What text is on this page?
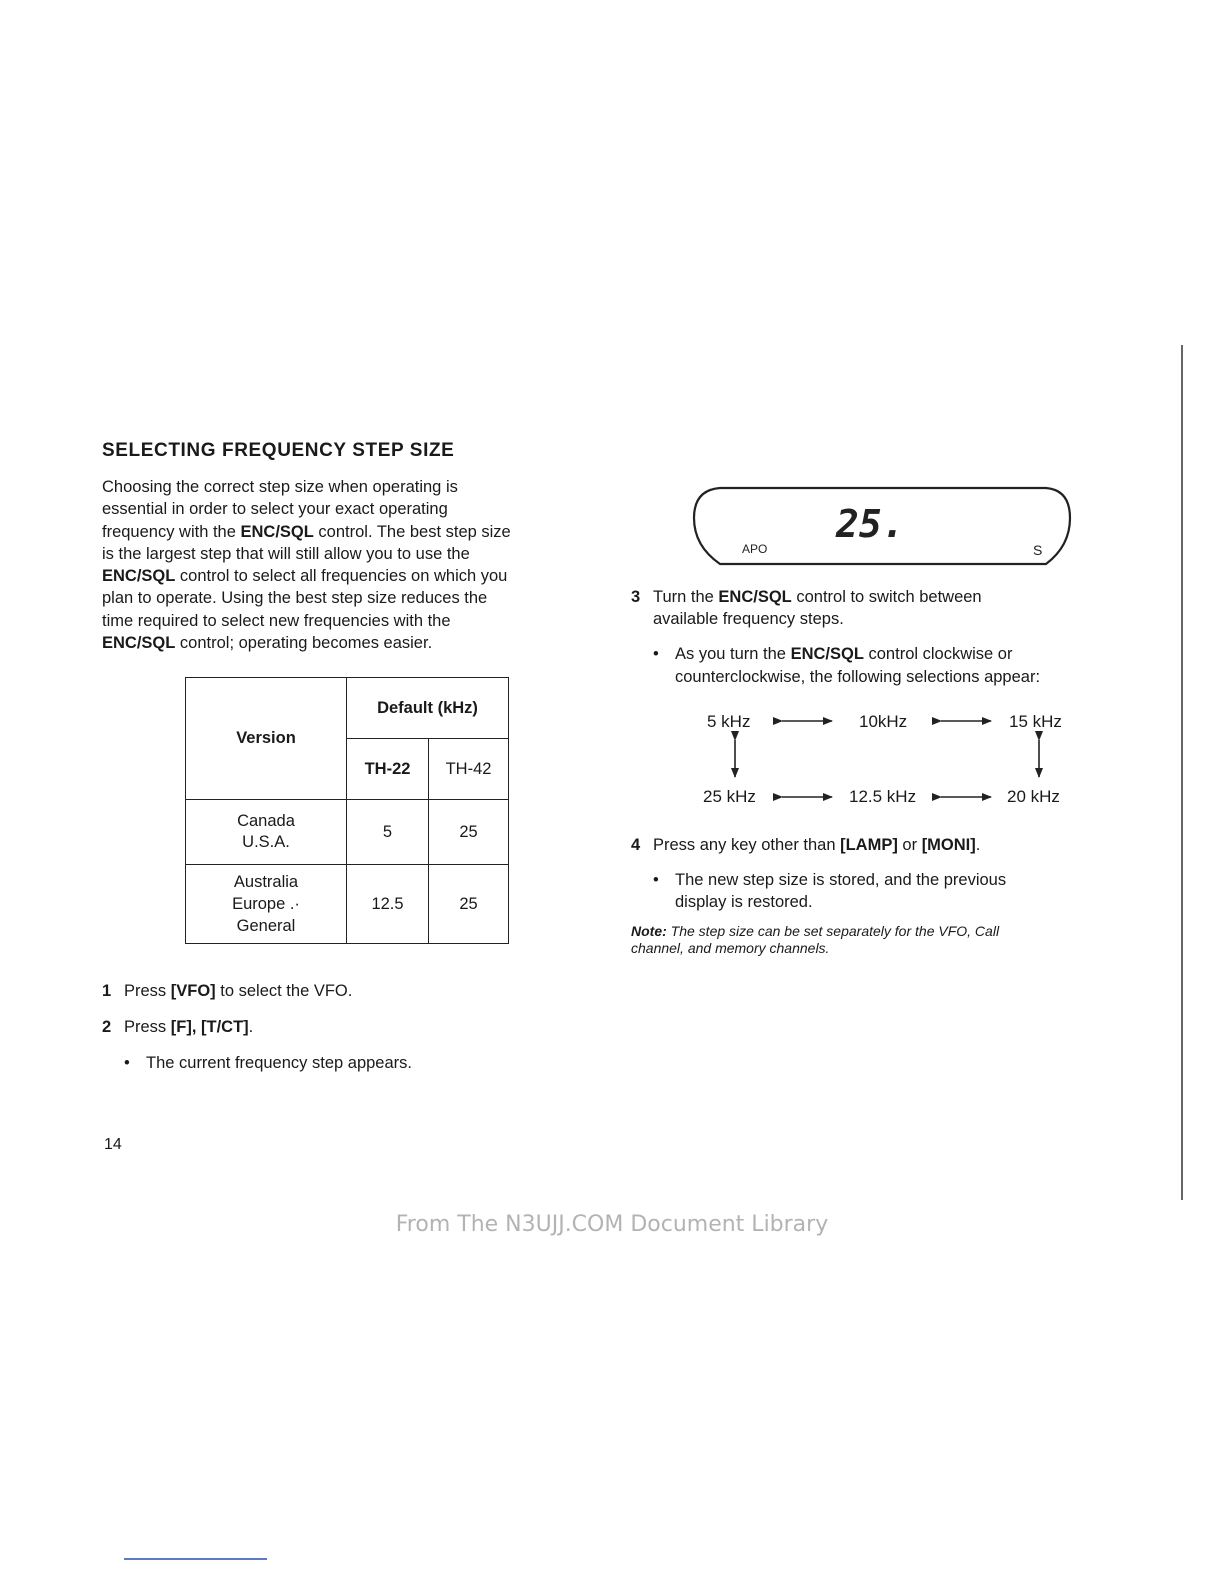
SELECTING FREQUENCY STEP SIZE
Choosing the correct step size when operating is
essential in order to select your exact operating
frequency with the ENC/SQL control. The best step size
is the largest step that will still allow you to use the
ENC/SQL control to select all frequencies on which you
plan to operate. Using the best step size reduces the
time required to select new frequencies with the
ENC/SQL control; operating becomes easier.
Version	Default (kHz)	
	TH-22	TH-42

Canada
U.S.A.	5	25

Australia
Europe .·
General	12.5	25
1 Press [VFO] to select the VFO.
2 Press [F], [T/CT].
• The current frequency step appears.
25.
APO	S
3 Turn the ENC/SQL control to switch between
available frequency steps.
• As you turn the ENC/SQL control clockwise or
counterclockwise, the following selections appear:
5 kHz	10kHz	15 kHz
25 kHz	12.5 kHz	20 kHz
4 Press any key other than [LAMP] or [MONI].
• The new step size is stored, and the previous
display is restored.
Note: The step size can be set separately for the VFO, Call
channel, and memory channels.
14
From The N3UJJ.COM Document Library
